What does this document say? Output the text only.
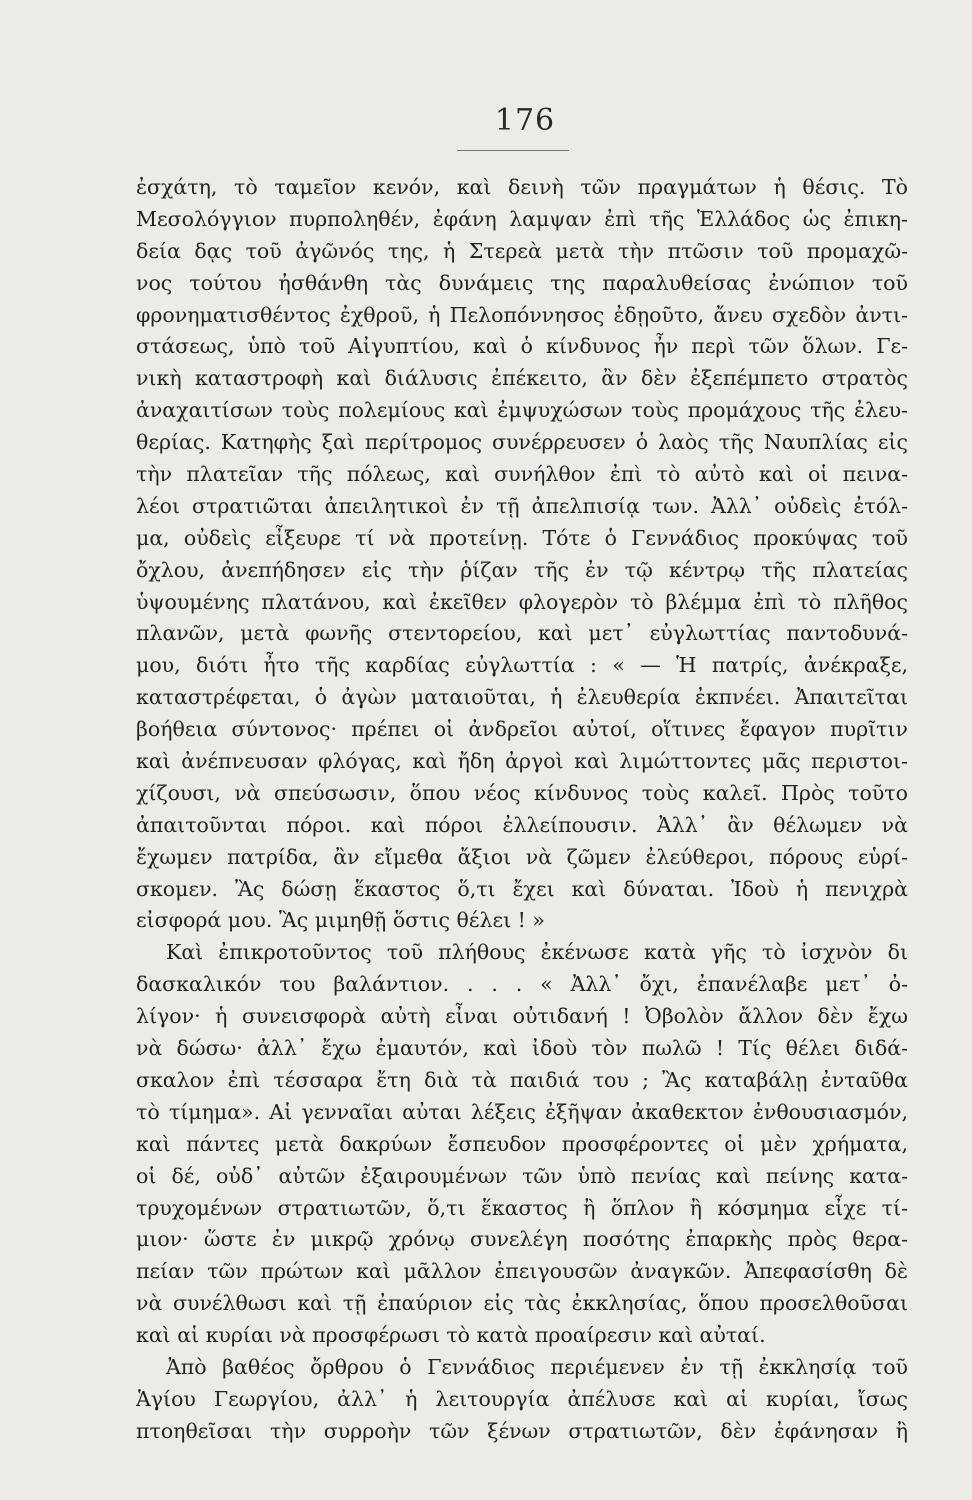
176
ἐσχάτη, τὸ ταμεῖον κενόν, καὶ δεινὴ τῶν πραγμάτων ἡ θέσις. Τὸ
Μεσολόγγιον πυρποληθέν, ἐφάνη λαμψαν ἐπὶ τῆς Ἑλλάδος ὡς ἐπικη-
δεία δᾳς τοῦ ἀγῶνός της, ἡ Στερεὰ μετὰ τὴν πτῶσιν τοῦ προμαχῶ-
νος τούτου ἠσθάνθη τὰς δυνάμεις της παραλυθείσας ἐνώπιον τοῦ
φρονηματισθέντος ἐχθροῦ, ἡ Πελοπόννησος ἐδῃοῦτο, ἄνευ σχεδὸν ἀντι-
στάσεως, ὑπὸ τοῦ Αἰγυπτίου, καὶ ὁ κίνδυνος ἦν περὶ τῶν ὅλων. Γε-
νικὴ καταστροφὴ καὶ διάλυσις ἐπέκειτο, ἂν δὲν ἐξεπέμπετο στρατὸς
ἀναχαιτίσων τοὺς πολεμίους καὶ ἐμψυχώσων τοὺς προμάχους τῆς ἐλευ-
θερίας. Κατηφὴς ξαὶ περίτρομος συνέρρευσεν ὁ λαὸς τῆς Ναυπλίας εἰς
τὴν πλατεῖαν τῆς πόλεως, καὶ συνήλθον ἐπὶ τὸ αὐτὸ καὶ οἱ πεινα-
λέοι στρατιῶται ἀπειλητικοὶ ἐν τῇ ἀπελπισίᾳ των. Ἀλλ᾽ οὐδεὶς ἐτόλ-
μα, οὐδεὶς εἶξευρε τί νὰ προτείνῃ. Τότε ὁ Γεννάδιος προκύψας τοῦ
ὄχλου, ἀνεπήδησεν εἰς τὴν ῥίζαν τῆς ἐν τῷ κέντρῳ τῆς πλατείας
ὑψουμένης πλατάνου, καὶ ἐκεῖθεν φλογερὸν τὸ βλέμμα ἐπὶ τὸ πλῆθος
πλανῶν, μετὰ φωνῆς στεντορείου, καὶ μετ᾽ εὐγλωττίας παντοδυνά-
μου, διότι ἦτο τῆς καρδίας εὐγλωττία : « — Ἡ πατρίς, ἀνέκραξε,
καταστρέφεται, ὁ ἀγὼν ματαιοῦται, ἡ ἐλευθερία ἐκπνέει. Ἀπαιτεῖται
βοήθεια σύντονος· πρέπει οἱ ἀνδρεῖοι αὐτοί, οἵτινες ἔφαγον πυρῖτιν
καὶ ἀνέπνευσαν φλόγας, καὶ ἤδη ἀργοὶ καὶ λιμώττοντες μᾶς περιστοι-
χίζουσι, νὰ σπεύσωσιν, ὅπου νέος κίνδυνος τοὺς καλεῖ. Πρὸς τοῦτο
ἀπαιτοῦνται πόροι. καὶ πόροι ἐλλείπουσιν. Ἀλλ᾽ ἂν θέλωμεν νὰ
ἔχωμεν πατρίδα, ἂν εἴμεθα ἄξιοι νὰ ζῶμεν ἐλεύθεροι, πόρους εὑρί-
σκομεν. Ἂς δώσῃ ἕκαστος ὅ,τι ἔχει καὶ δύναται. Ἰδοὺ ἡ πενιχρὰ
εἰσφορά μου. Ἂς μιμηθῇ ὅστις θέλει ! »
Καὶ ἐπικροτοῦντος τοῦ πλήθους ἐκένωσε κατὰ γῆς τὸ ἰσχνὸν δι
δασκαλικόν του βαλάντιον. . . . « Ἀλλ᾽ ὄχι, ἐπανέλαβε μετ᾽ ὀ-
λίγον· ἡ συνεισφορὰ αὐτὴ εἶναι οὐτιδανή ! Ὀβολὸν ἄλλον δὲν ἔχω
νὰ δώσω· ἀλλ᾽ ἔχω ἐμαυτόν, καὶ ἰδοὺ τὸν πωλῶ ! Τίς θέλει διδά-
σκαλον ἐπὶ τέσσαρα ἔτη διὰ τὰ παιδιά του ; Ἂς καταβάλῃ ἐνταῦθα
τὸ τίμημα». Αἱ γενναῖαι αὐται λέξεις ἐξῆψαν ἀκαθεκτον ἐνθουσιασμόν,
καὶ πάντες μετὰ δακρύων ἔσπευδον προσφέροντες οἱ μὲν χρήματα,
οἱ δέ, οὐδ᾽ αὐτῶν ἐξαιρουμένων τῶν ὑπὸ πενίας καὶ πείνης κατα-
τρυχομένων στρατιωτῶν, ὅ,τι ἕκαστος ἢ ὅπλον ἢ κόσμημα εἶχε τί-
μιον· ὥστε ἐν μικρῷ χρόνῳ συνελέγη ποσότης ἐπαρκὴς πρὸς θερα-
πείαν τῶν πρώτων καὶ μᾶλλον ἐπειγουσῶν ἀναγκῶν. Ἀπεφασίσθη δὲ
νὰ συνέλθωσι καὶ τῇ ἐπαύριον εἰς τὰς ἐκκλησίας, ὅπου προσελθοῦσαι
καὶ αἱ κυρίαι νὰ προσφέρωσι τὸ κατὰ προαίρεσιν καὶ αὐταί.
Ἀπὸ βαθέος ὄρθρου ὁ Γεννάδιος περιέμενεν ἐν τῇ ἐκκλησίᾳ τοῦ
Ἁγίου Γεωργίου, ἀλλ᾽ ἡ λειτουργία ἀπέλυσε καὶ αἱ κυρίαι, ἴσως
πτοηθεῖσαι τὴν συρροὴν τῶν ξένων στρατιωτῶν, δὲν ἐφάνησαν ἢ
